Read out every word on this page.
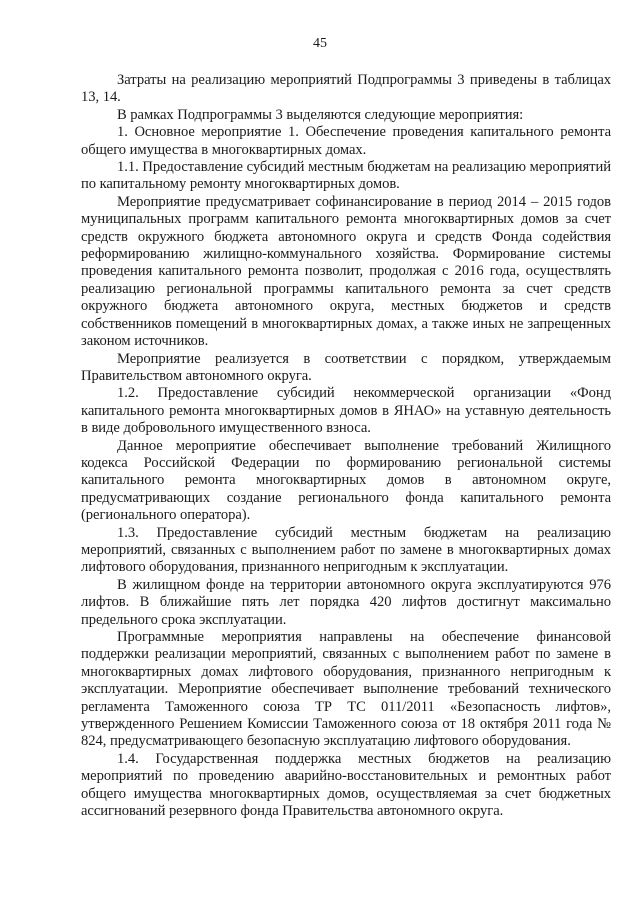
45

Затраты на реализацию мероприятий Подпрограммы 3 приведены в таблицах 13, 14.

В рамках Подпрограммы 3 выделяются следующие мероприятия:

1. Основное мероприятие 1. Обеспечение проведения капитального ремонта общего имущества в многоквартирных домах.

1.1. Предоставление субсидий местным бюджетам на реализацию мероприятий по капитальному ремонту многоквартирных домов.

Мероприятие предусматривает софинансирование в период 2014 – 2015 годов муниципальных программ капитального ремонта многоквартирных домов за счет средств окружного бюджета автономного округа и средств Фонда содействия реформированию жилищно-коммунального хозяйства. Формирование системы проведения капитального ремонта позволит, продолжая с 2016 года, осуществлять реализацию региональной программы капитального ремонта за счет средств окружного бюджета автономного округа, местных бюджетов и средств собственников помещений в многоквартирных домах, а также иных не запрещенных законом источников.

Мероприятие реализуется в соответствии с порядком, утверждаемым Правительством автономного округа.

1.2. Предоставление субсидий некоммерческой организации «Фонд капитального ремонта многоквартирных домов в ЯНАО» на уставную деятельность в виде добровольного имущественного взноса.

Данное мероприятие обеспечивает выполнение требований Жилищного кодекса Российской Федерации по формированию региональной системы капитального ремонта многоквартирных домов в автономном округе, предусматривающих создание регионального фонда капитального ремонта (регионального оператора).

1.3. Предоставление субсидий местным бюджетам на реализацию мероприятий, связанных с выполнением работ по замене в многоквартирных домах лифтового оборудования, признанного непригодным к эксплуатации.

В жилищном фонде на территории автономного округа эксплуатируются 976 лифтов. В ближайшие пять лет порядка 420 лифтов достигнут максимально предельного срока эксплуатации.

Программные мероприятия направлены на обеспечение финансовой поддержки реализации мероприятий, связанных с выполнением работ по замене в многоквартирных домах лифтового оборудования, признанного непригодным к эксплуатации. Мероприятие обеспечивает выполнение требований технического регламента Таможенного союза ТР ТС 011/2011 «Безопасность лифтов», утвержденного Решением Комиссии Таможенного союза от 18 октября 2011 года № 824, предусматривающего безопасную эксплуатацию лифтового оборудования.

1.4. Государственная поддержка местных бюджетов на реализацию мероприятий по проведению аварийно-восстановительных и ремонтных работ общего имущества многоквартирных домов, осуществляемая за счет бюджетных ассигнований резервного фонда Правительства автономного округа.
